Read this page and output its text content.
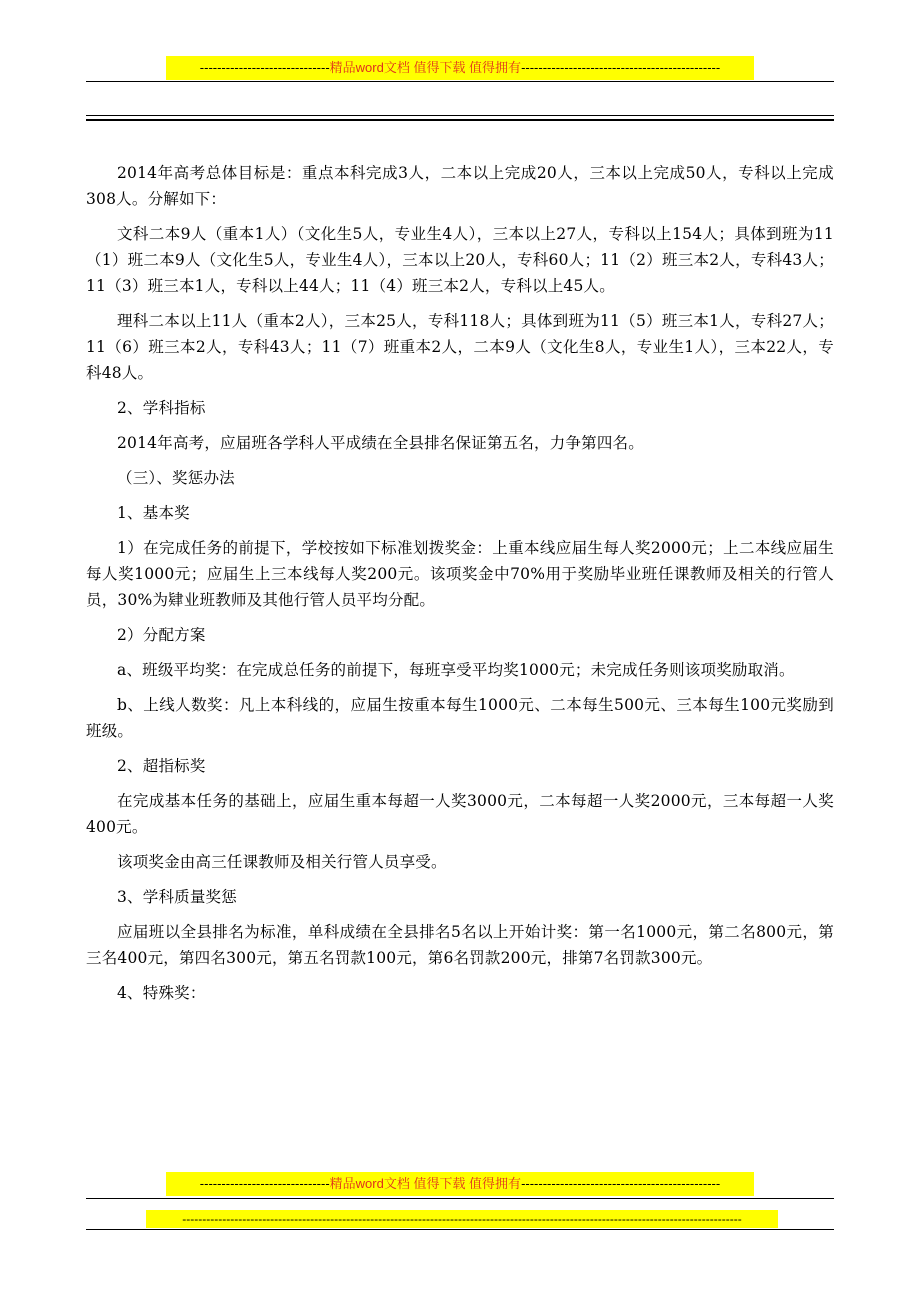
------------------------------精品word文档 值得下载 值得拥有----------------------------------------------

2014年高考总体目标是：重点本科完成3人，二本以上完成20人，三本以上完成50人，专科以上完成308人。分解如下：

文科二本9人（重本1人）（文化生5人，专业生4人），三本以上27人，专科以上154人；具体到班为11（1）班二本9人（文化生5人，专业生4人），三本以上20人，专科60人；11（2）班三本2人，专科43人；11（3）班三本1人，专科以上44人；11（4）班三本2人，专科以上45人。

理科二本以上11人（重本2人），三本25人，专科118人；具体到班为11（5）班三本1人，专科27人；11（6）班三本2人，专科43人；11（7）班重本2人，二本9人（文化生8人，专业生1人），三本22人，专科48人。

2、学科指标

2014年高考，应届班各学科人平成绩在全县排名保证第五名，力争第四名。

（三）、奖惩办法

1、基本奖

1）在完成任务的前提下，学校按如下标准划拨奖金：上重本线应届生每人奖2000元；上二本线应届生每人奖1000元；应届生上三本线每人奖200元。该项奖金中70%用于奖励毕业班任课教师及相关的行管人员，30%为肄业班教师及其他行管人员平均分配。

2）分配方案

a、班级平均奖：在完成总任务的前提下，每班享受平均奖1000元；未完成任务则该项奖励取消。

b、上线人数奖：凡上本科线的，应届生按重本每生1000元、二本每生500元、三本每生100元奖励到班级。

2、超指标奖

在完成基本任务的基础上，应届生重本每超一人奖3000元，二本每超一人奖2000元，三本每超一人奖400元。

该项奖金由高三任课教师及相关行管人员享受。

3、学科质量奖惩

应届班以全县排名为标准，单科成绩在全县排名5名以上开始计奖：第一名1000元，第二名800元，第三名400元，第四名300元，第五名罚款100元，第6名罚款200元，排第7名罚款300元。

4、特殊奖：

------------------------------精品word文档 值得下载 值得拥有----------------------------------------------
--------------------------------------------------------------------------------------------------------------------------------------------
